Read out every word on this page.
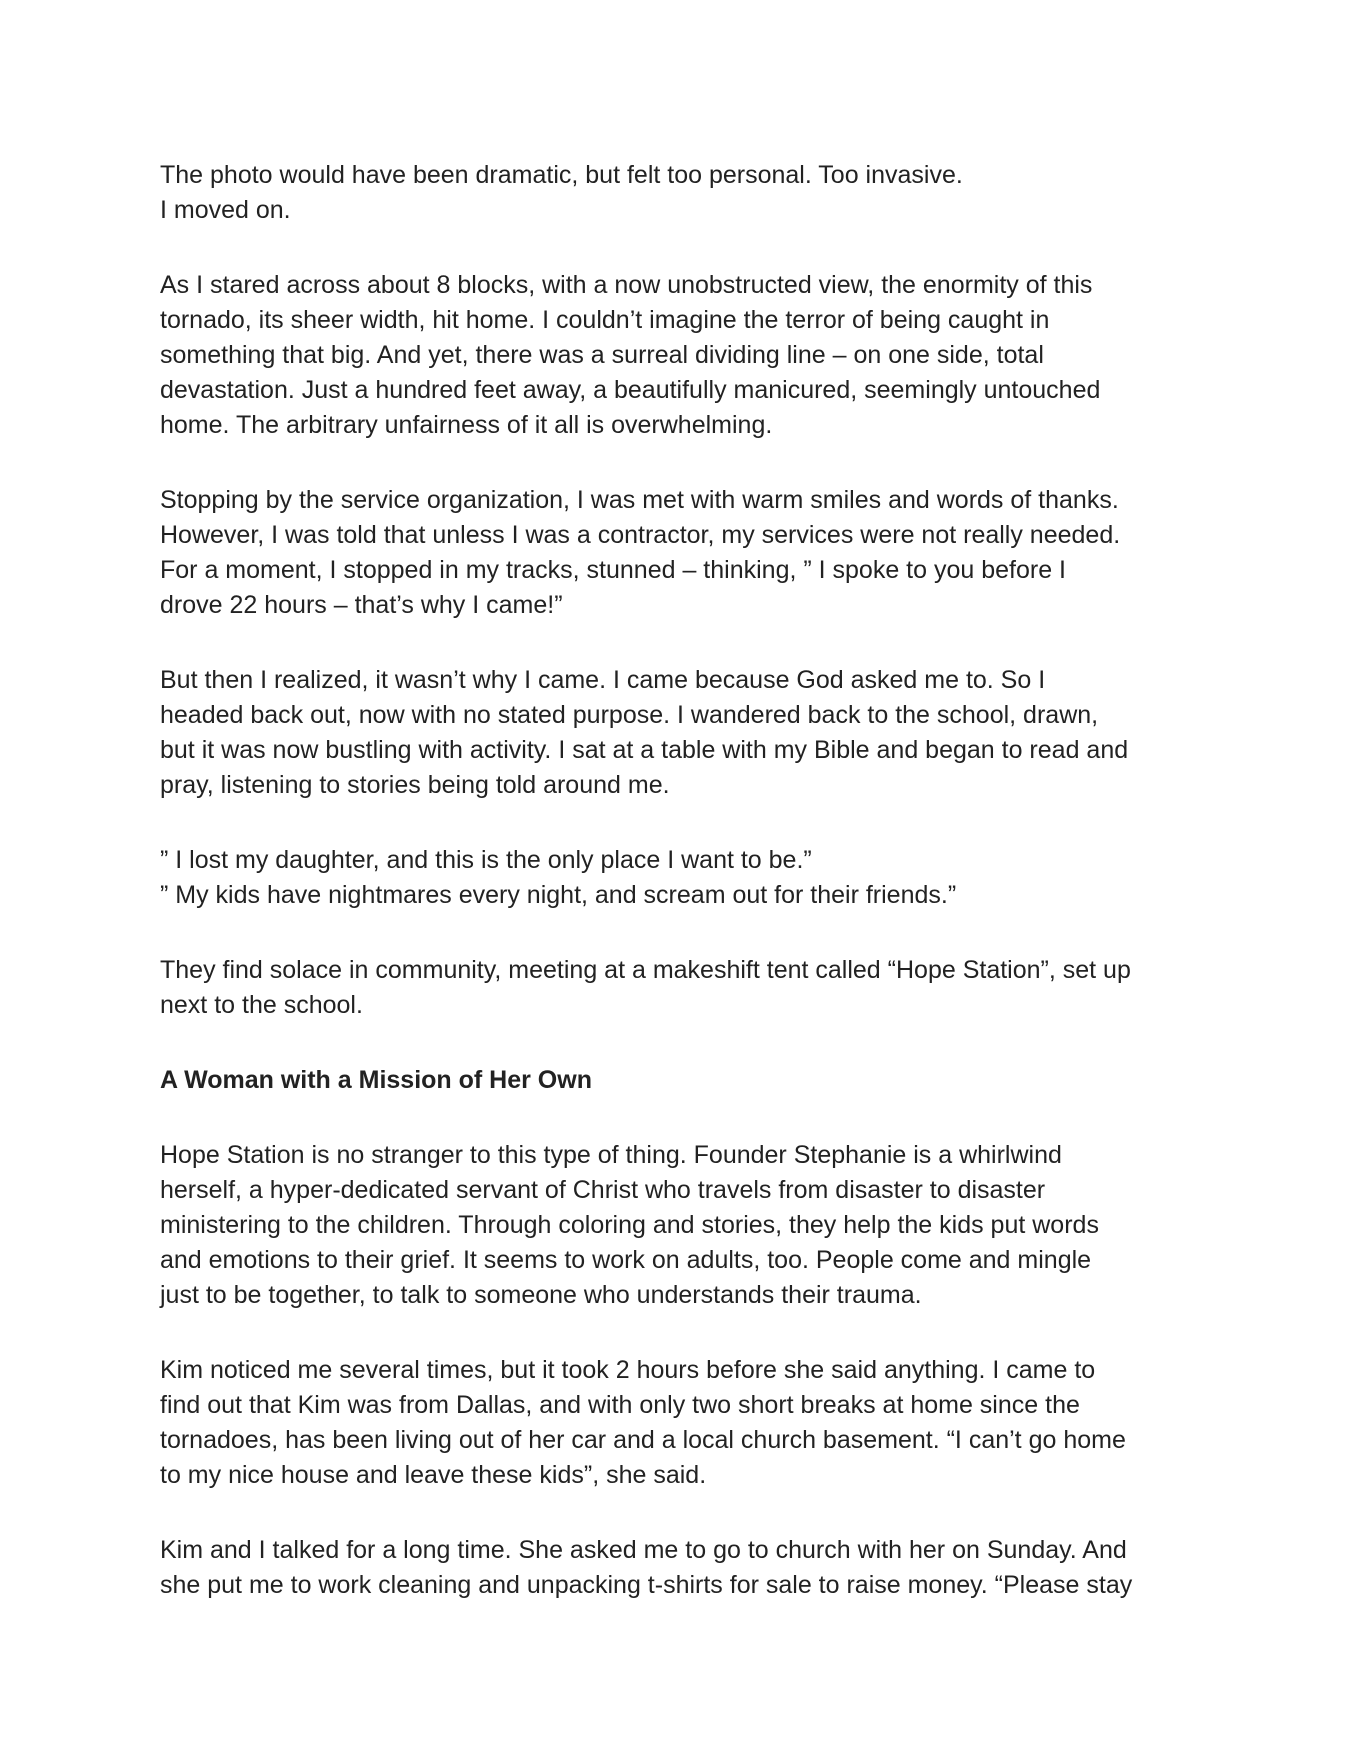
The photo would have been dramatic, but felt too personal. Too invasive.
I moved on.

As I stared across about 8 blocks, with a now unobstructed view, the enormity of this
tornado, its sheer width, hit home. I couldn’t imagine the terror of being caught in
something that big. And yet, there was a surreal dividing line – on one side, total
devastation. Just a hundred feet away, a beautifully manicured, seemingly untouched
home. The arbitrary unfairness of it all is overwhelming.

Stopping by the service organization, I was met with warm smiles and words of thanks.
However, I was told that unless I was a contractor, my services were not really needed.
For a moment, I stopped in my tracks, stunned – thinking, ” I spoke to you before I
drove 22 hours – that’s why I came!”

But then I realized, it wasn’t why I came. I came because God asked me to. So I
headed back out, now with no stated purpose. I wandered back to the school, drawn,
but it was now bustling with activity. I sat at a table with my Bible and began to read and
pray, listening to stories being told around me.

” I lost my daughter, and this is the only place I want to be.”
” My kids have nightmares every night, and scream out for their friends.”

They find solace in community, meeting at a makeshift tent called “Hope Station”, set up
next to the school.

A Woman with a Mission of Her Own

Hope Station is no stranger to this type of thing. Founder Stephanie is a whirlwind
herself, a hyper-dedicated servant of Christ who travels from disaster to disaster
ministering to the children. Through coloring and stories, they help the kids put words
and emotions to their grief. It seems to work on adults, too. People come and mingle
just to be together, to talk to someone who understands their trauma.

Kim noticed me several times, but it took 2 hours before she said anything. I came to
find out that Kim was from Dallas, and with only two short breaks at home since the
tornadoes, has been living out of her car and a local church basement. “I can’t go home
to my nice house and leave these kids”, she said.

Kim and I talked for a long time. She asked me to go to church with her on Sunday. And
she put me to work cleaning and unpacking t-shirts for sale to raise money. “Please stay
